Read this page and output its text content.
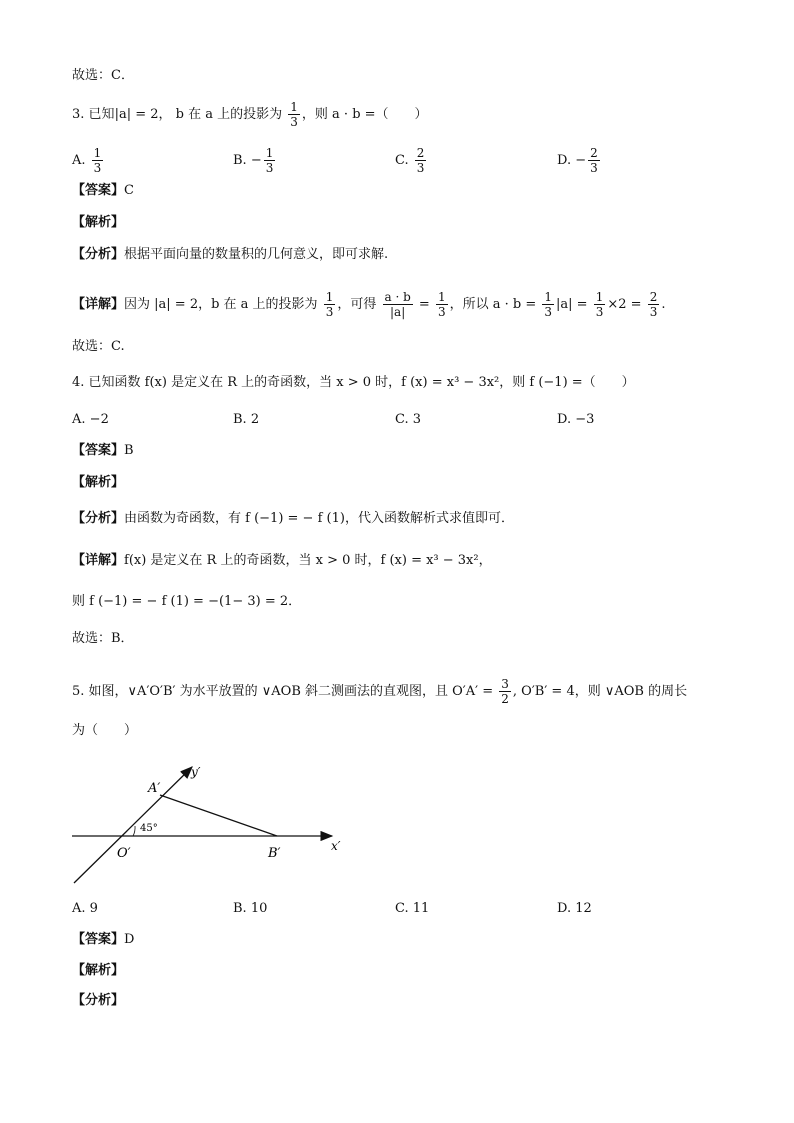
故选：C．
3. 已知|a| = 2， b 在 a 上的投影为 $\frac{1}{3}$ ，则 a · b =（　　）
A. $\frac{1}{3}$	B. − $\frac{1}{3}$	C. $\frac{2}{3}$	D. − $\frac{2}{3}$
【答案】C
【解析】
【分析】根据平面向量的数量积的几何意义，即可求解.
【详解】因为 |a| = 2，b 在 a 上的投影为 $\frac{1}{3}$ ，可得 $\frac{a \cdot b}{|a|} = \frac{1}{3}$ ，所以 $a \cdot b = \frac{1}{3} |a| = \frac{1}{3} \times 2 = \frac{2}{3}$ .
故选：C.
4. 已知函数 f(x) 是定义在 R 上的奇函数，当 x > 0 时，f (x) = x³ − 3x²，则 f (−1) =（　　）
A. −2	B. 2	C. 3	D. −3
【答案】B
【解析】
【分析】由函数为奇函数，有 f (−1) = − f (1)，代入函数解析式求值即可．
【详解】f(x) 是定义在 R 上的奇函数，当 x > 0 时，f (x) = x³ − 3x²，
则 f (−1) = − f (1) = −(1− 3) = 2．
故选：B．
5. 如图，∨A′O′B′ 为水平放置的 ∨AOB 斜二测画法的直观图，且 $O'A' = \frac{3}{2}$ , O′B′ = 4，则 ∨AOB 的周长
为（　　）
45°
A′
O′	B′	x′
y′
A. 9	B. 10	C. 11	D. 12
【答案】D
【解析】
【分析】
